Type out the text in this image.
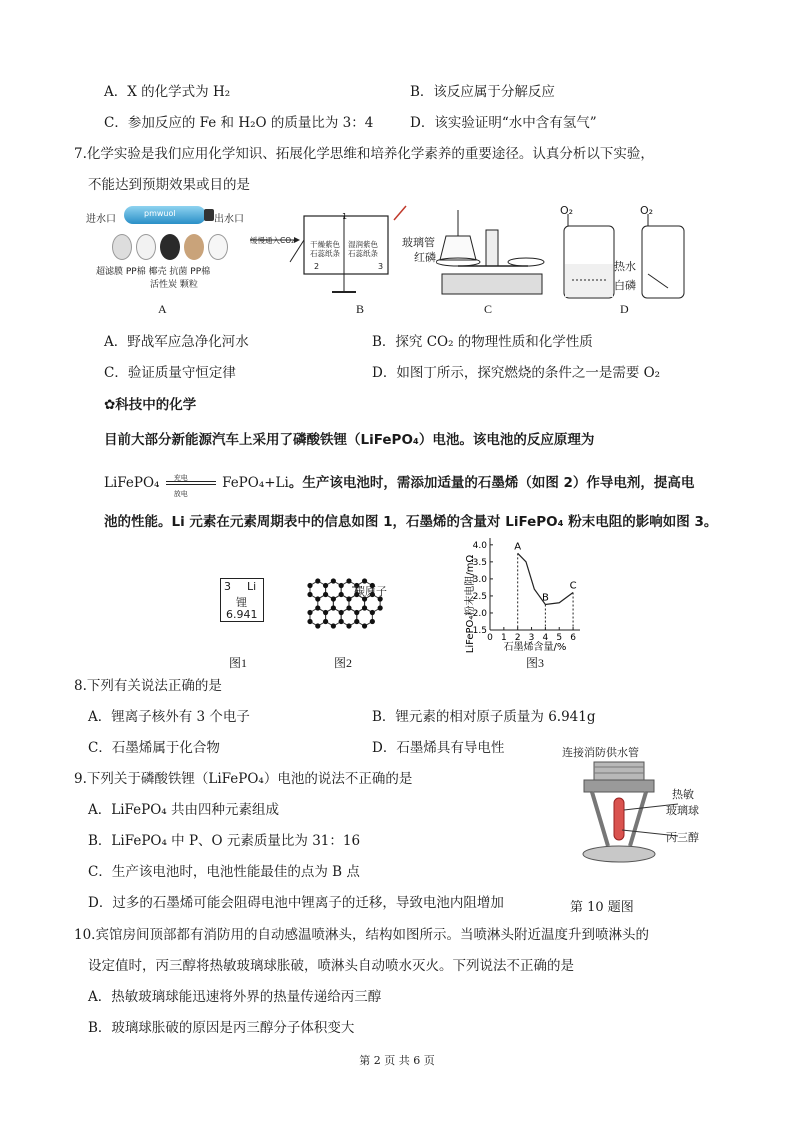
A．X 的化学式为 H₂	B．该反应属于分解反应
C．参加反应的 Fe 和 H₂O 的质量比为 3：4	D．该实验证明“水中含有氢气”
7.化学实验是我们应用化学知识、拓展化学思维和培养化学素养的重要途径。认真分析以下实验，
不能达到预期效果或目的是
进水口
pmwuol
出水口
超滤膜 PP棉 椰壳 抗菌 PP棉
活性炭 颗粒
A
缓慢通入CO₂ 干燥紫色石蕊纸条
湿润紫色石蕊纸条
1
2	3
B
玻璃管
红磷
C
O₂	O₂
热水
白磷
D
A．野战军应急净化河水	B．探究 CO₂ 的物理性质和化学性质
C．验证质量守恒定律	D．如图丁所示，探究燃烧的条件之一是需要 O₂
✿科技中的化学
目前大部分新能源汽车上采用了磷酸铁锂（LiFePO₄）电池。该电池的反应原理为
LiFePO₄ 充电
放电
FePO₄+Li。生产该电池时，需添加适量的石墨烯（如图 2）作导电剂，提高电
池的性能。Li 元素在元素周期表中的信息如图 1，石墨烯的含量对 LiFePO₄ 粉末电阻的影响如图 3。
3 Li
锂
6.941
图1
碳原子
图2
LiFePO₄粉末电阻/mΩ	石墨烯含量/%
0 1 2 3 4 5 6
1.5
2.0
2.5
3.0
3.5
4.0	A
B
C
图3
8.下列有关说法正确的是
A．锂离子核外有 3 个电子	B．锂元素的相对原子质量为 6.941g
C．石墨烯属于化合物	D．石墨烯具有导电性
9.下列关于磷酸铁锂（LiFePO₄）电池的说法不正确的是
A．LiFePO₄ 共由四种元素组成
B．LiFePO₄ 中 P、O 元素质量比为 31：16
C．生产该电池时，电池性能最佳的点为 B 点
D．过多的石墨烯可能会阻碍电池中锂离子的迁移，导致电池内阻增加
连接消防供水管
热敏
玻璃球
丙三醇
第 10 题图
10.宾馆房间顶部都有消防用的自动感温喷淋头，结构如图所示。当喷淋头附近温度升到喷淋头的
设定值时，丙三醇将热敏玻璃球胀破，喷淋头自动喷水灭火。下列说法不正确的是
A．热敏玻璃球能迅速将外界的热量传递给丙三醇
B．玻璃球胀破的原因是丙三醇分子体积变大
第 2 页 共 6 页
